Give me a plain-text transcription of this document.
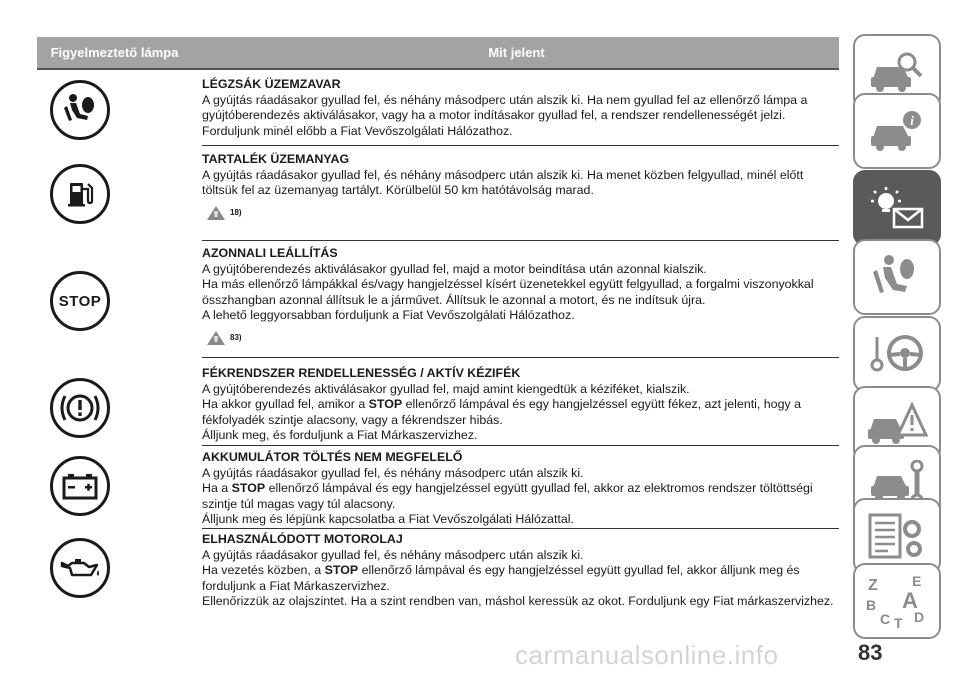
Figyelmeztető lámpa	Mit jelent
LÉGZSÁK ÜZEMZAVAR
A gyújtás ráadásakor gyullad fel, és néhány másodperc után alszik ki. Ha nem gyullad fel az ellenőrző lámpa a
gyújtóberendezés aktiválásakor, vagy ha a motor indításakor gyullad fel, a rendszer rendellenességét jelzi.
Forduljunk minél előbb a Fiat Vevőszolgálati Hálózathoz.
TARTALÉK ÜZEMANYAG
A gyújtás ráadásakor gyullad fel, és néhány másodperc után alszik ki. Ha menet közben felgyullad, minél előtt
töltsük fel az üzemanyag tartályt. Körülbelül 50 km hatótávolság marad.
18)
STOP
AZONNALI LEÁLLÍTÁS
A gyújtóberendezés aktiválásakor gyullad fel, majd a motor beindítása után azonnal kialszik.
Ha más ellenőrző lámpákkal és/vagy hangjelzéssel kísért üzenetekkel együtt felgyullad, a forgalmi viszonyokkal
összhangban azonnal állítsuk le a járművet. Állítsuk le azonnal a motort, és ne indítsuk újra.
A lehető leggyorsabban forduljunk a Fiat Vevőszolgálati Hálózathoz.
83)
FÉKRENDSZER RENDELLENESSÉG / AKTÍV KÉZIFÉK
A gyújtóberendezés aktiválásakor gyullad fel, majd amint kiengedtük a kéziféket, kialszik.
Ha akkor gyullad fel, amikor a STOP ellenőrző lámpával és egy hangjelzéssel együtt fékez, azt jelenti, hogy a
fékfolyadék szintje alacsony, vagy a fékrendszer hibás.
Álljunk meg, és forduljunk a Fiat Márkaszervizhez.
AKKUMULÁTOR TÖLTÉS NEM MEGFELELŐ
A gyújtás ráadásakor gyullad fel, és néhány másodperc után alszik ki.
Ha a STOP ellenőrző lámpával és egy hangjelzéssel együtt gyullad fel, akkor az elektromos rendszer töltöttségi
szintje túl magas vagy túl alacsony.
Álljunk meg és lépjünk kapcsolatba a Fiat Vevőszolgálati Hálózattal.
ELHASZNÁLÓDOTT MOTOROLAJ
A gyújtás ráadásakor gyullad fel, és néhány másodperc után alszik ki.
Ha vezetés közben, a STOP ellenőrző lámpával és egy hangjelzéssel együtt gyullad fel, akkor álljunk meg és
forduljunk a Fiat Márkaszervizhez.
Ellenőrizzük az olajszintet. Ha a szint rendben van, máshol keressük az okot. Forduljunk egy Fiat márkaszervizhez.
i
Z E
B A
C T D
carmanualsonline.info	83
